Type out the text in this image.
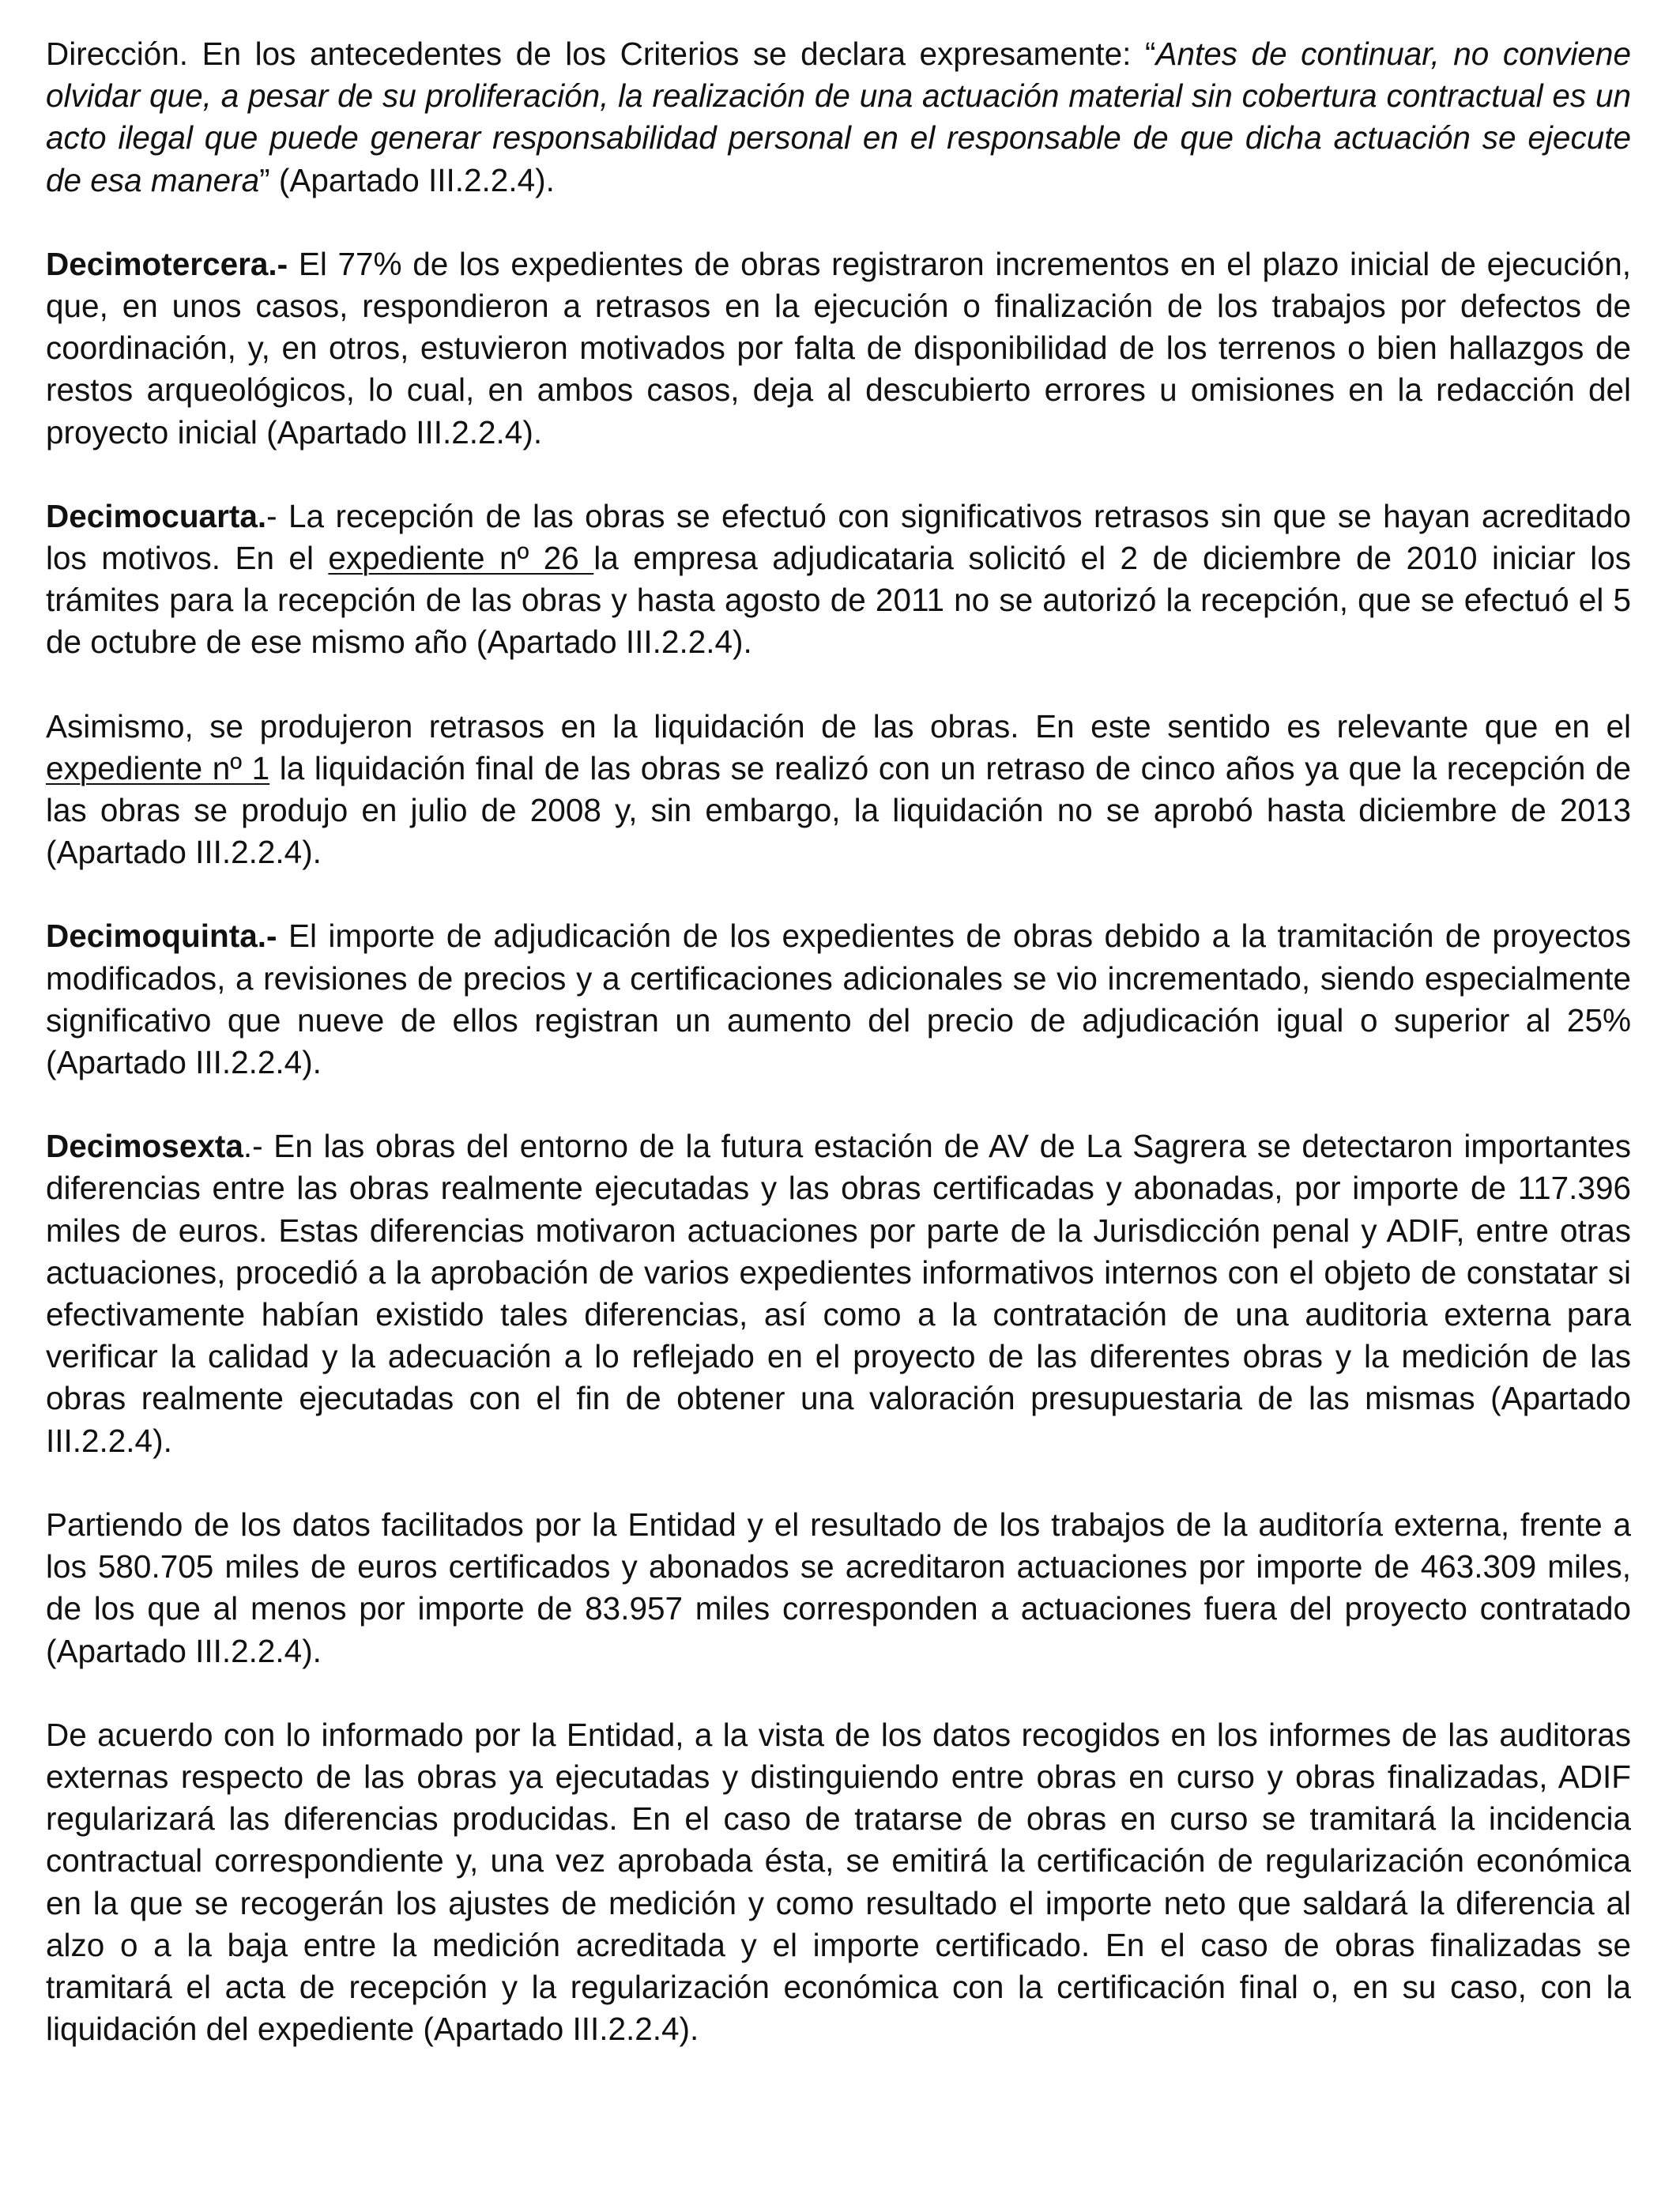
Dirección. En los antecedentes de los Criterios se declara expresamente: “Antes de continuar, no conviene olvidar que, a pesar de su proliferación, la realización de una actuación material sin cobertura contractual es un acto ilegal que puede generar responsabilidad personal en el responsable de que dicha actuación se ejecute de esa manera” (Apartado III.2.2.4).

Decimotercera.- El 77% de los expedientes de obras registraron incrementos en el plazo inicial de ejecución, que, en unos casos, respondieron a retrasos en la ejecución o finalización de los trabajos por defectos de coordinación, y, en otros, estuvieron motivados por falta de disponibilidad de los terrenos o bien hallazgos de restos arqueológicos, lo cual, en ambos casos, deja al descubierto errores u omisiones en la redacción del proyecto inicial (Apartado III.2.2.4).

Decimocuarta.- La recepción de las obras se efectuó con significativos retrasos sin que se hayan acreditado los motivos. En el expediente nº 26 la empresa adjudicataria solicitó el 2 de diciembre de 2010 iniciar los trámites para la recepción de las obras y hasta agosto de 2011 no se autorizó la recepción, que se efectuó el 5 de octubre de ese mismo año (Apartado III.2.2.4).

Asimismo, se produjeron retrasos en la liquidación de las obras. En este sentido es relevante que en el expediente nº 1 la liquidación final de las obras se realizó con un retraso de cinco años ya que la recepción de las obras se produjo en julio de 2008 y, sin embargo, la liquidación no se aprobó hasta diciembre de 2013 (Apartado III.2.2.4).

Decimoquinta.- El importe de adjudicación de los expedientes de obras debido a la tramitación de proyectos modificados, a revisiones de precios y a certificaciones adicionales se vio incrementado, siendo especialmente significativo que nueve de ellos registran un aumento del precio de adjudicación igual o superior al 25% (Apartado III.2.2.4).

Decimosexta.- En las obras del entorno de la futura estación de AV de La Sagrera se detectaron importantes diferencias entre las obras realmente ejecutadas y las obras certificadas y abonadas, por importe de 117.396 miles de euros. Estas diferencias motivaron actuaciones por parte de la Jurisdicción penal y ADIF, entre otras actuaciones, procedió a la aprobación de varios expedientes informativos internos con el objeto de constatar si efectivamente habían existido tales diferencias, así como a la contratación de una auditoria externa para verificar la calidad y la adecuación a lo reflejado en el proyecto de las diferentes obras y la medición de las obras realmente ejecutadas con el fin de obtener una valoración presupuestaria de las mismas (Apartado III.2.2.4).

Partiendo de los datos facilitados por la Entidad y el resultado de los trabajos de la auditoría externa, frente a los 580.705 miles de euros certificados y abonados se acreditaron actuaciones por importe de 463.309 miles, de los que al menos por importe de 83.957 miles corresponden a actuaciones fuera del proyecto contratado (Apartado III.2.2.4).

De acuerdo con lo informado por la Entidad, a la vista de los datos recogidos en los informes de las auditoras externas respecto de las obras ya ejecutadas y distinguiendo entre obras en curso y obras finalizadas, ADIF regularizará las diferencias producidas. En el caso de tratarse de obras en curso se tramitará la incidencia contractual correspondiente y, una vez aprobada ésta, se emitirá la certificación de regularización económica en la que se recogerán los ajustes de medición y como resultado el importe neto que saldará la diferencia al alzo o a la baja entre la medición acreditada y el importe certificado. En el caso de obras finalizadas se tramitará el acta de recepción y la regularización económica con la certificación final o, en su caso, con la liquidación del expediente (Apartado III.2.2.4).
